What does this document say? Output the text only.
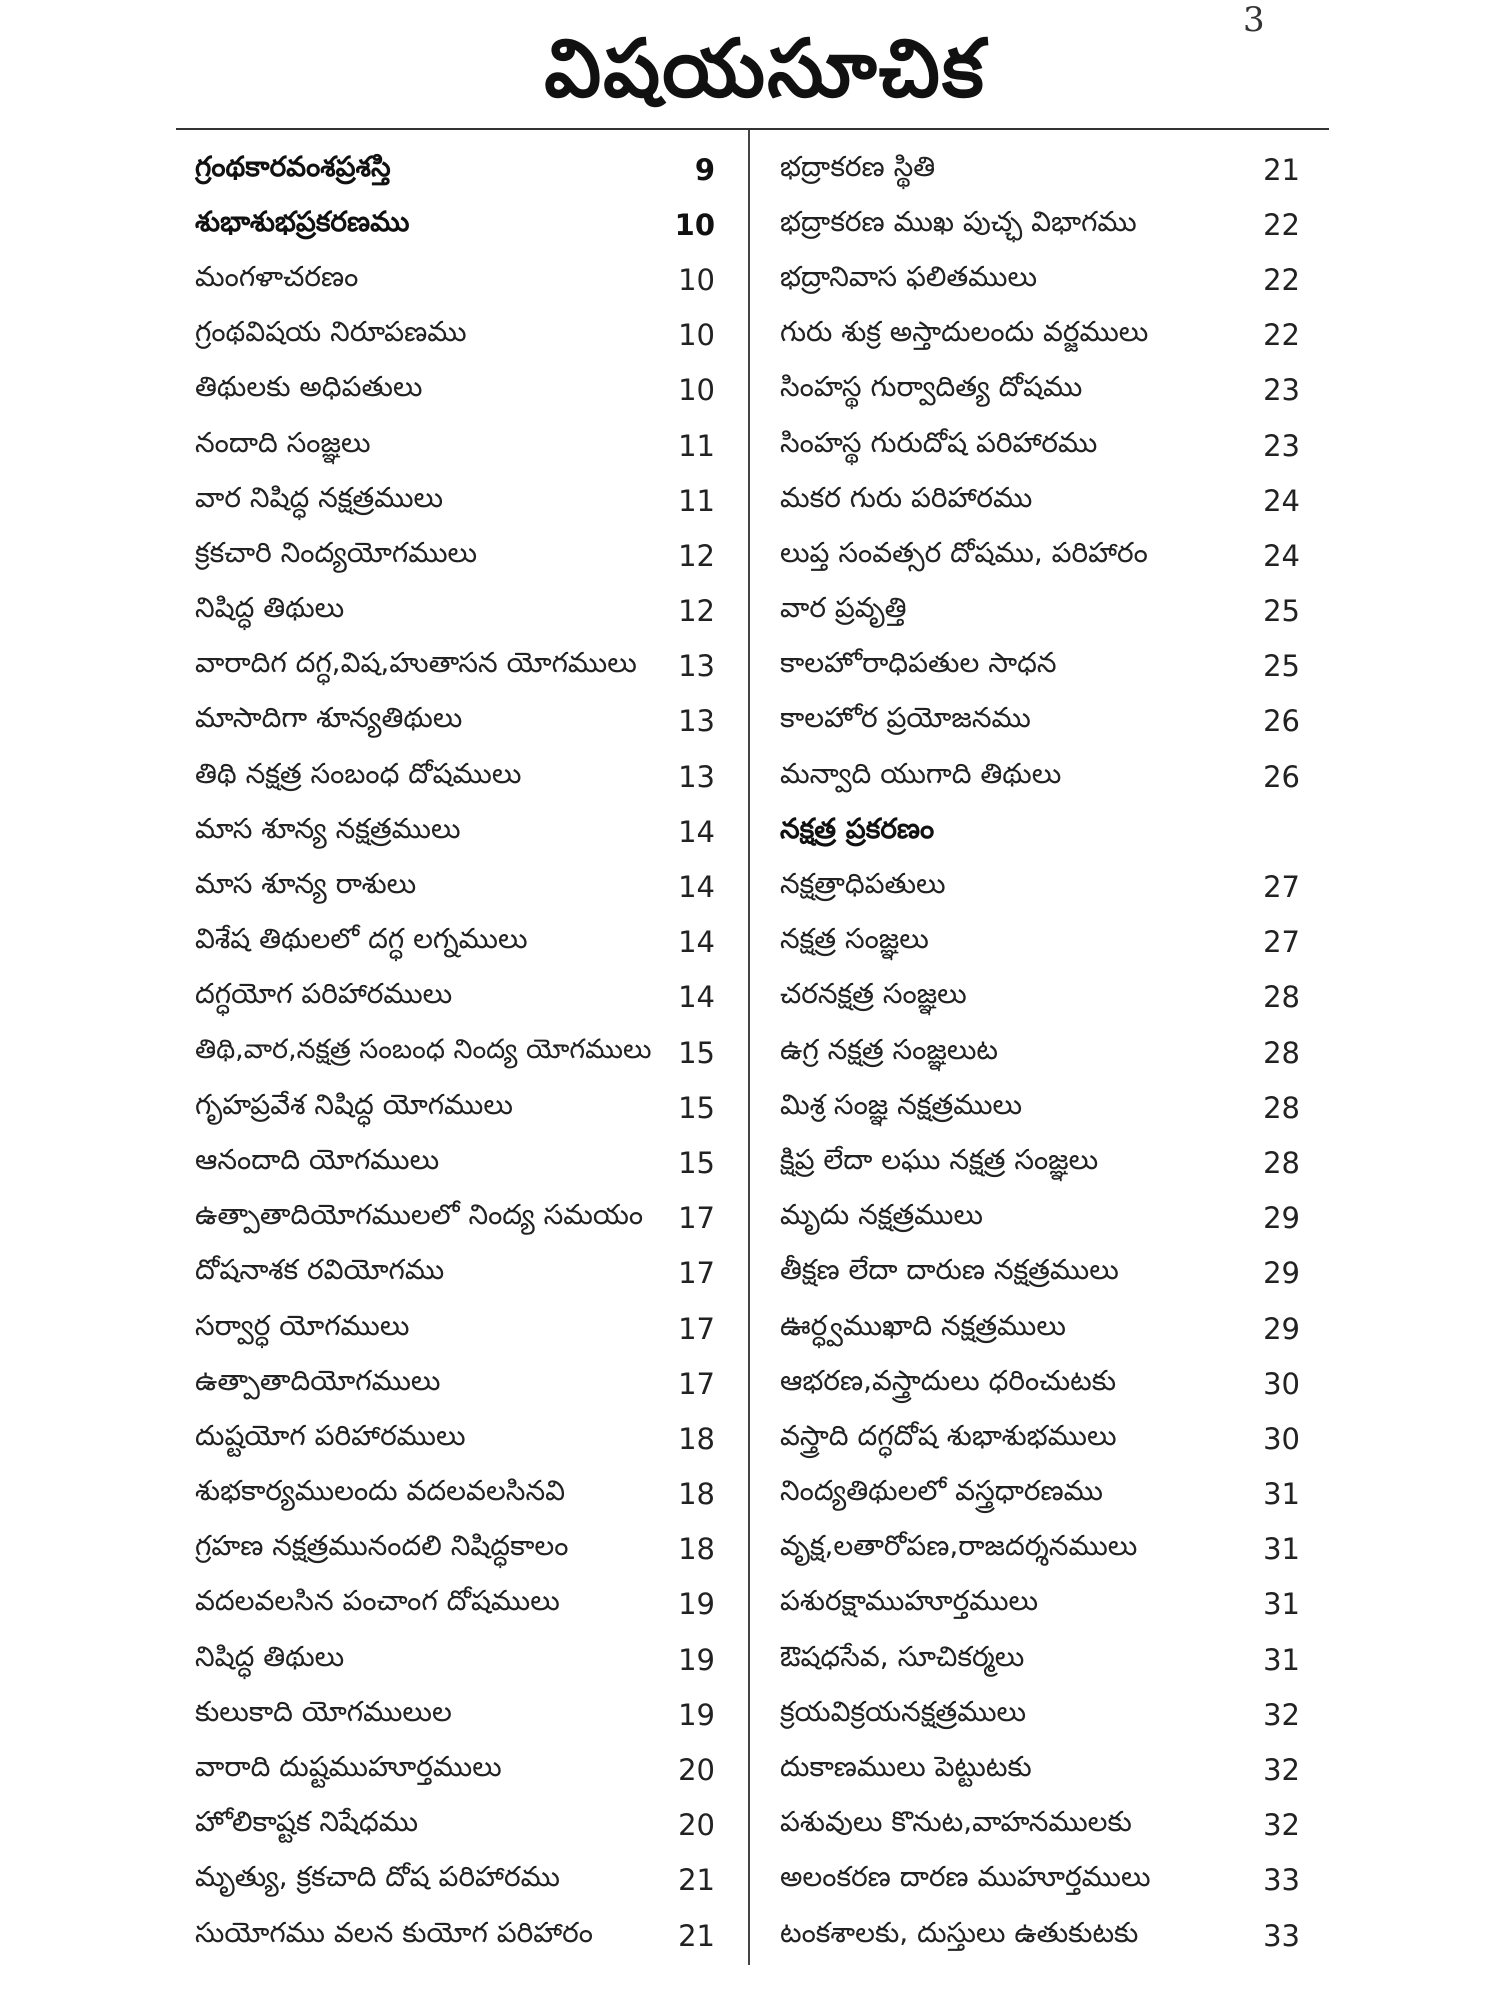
3
విషయసూచిక
గ్రంథకారవంశప్రశస్తి	9
శుభాశుభప్రకరణము	10
మంగళాచరణం	10
గ్రంథవిషయ నిరూపణము	10
తిథులకు అధిపతులు	10
నందాది సంజ్ఞలు	11
వార నిషిద్ధ నక్షత్రములు	11
క్రకచారి నింద్యయోగములు	12
నిషిద్ధ తిథులు	12
వారాదిగ దగ్ధ,విష,హుతాసన యోగములు 13
మాసాదిగా శూన్యతిథులు	13
తిథి నక్షత్ర సంబంధ దోషములు	13
మాస శూన్య నక్షత్రములు	14
మాస శూన్య రాశులు	14
విశేష తిథులలో దగ్ధ లగ్నములు	14
దగ్ధయోగ పరిహారములు	14
తిథి,వార,నక్షత్ర సంబంధ నింద్య యోగములు 15
గృహప్రవేశ నిషిద్ధ యోగములు	15
ఆనందాది యోగములు	15
ఉత్పాతాదియోగములలో నింద్య సమయం 17
దోషనాశక రవియోగము	17
సర్వార్ధ యోగములు	17
ఉత్పాతాదియోగములు	17
దుష్టయోగ పరిహారములు	18
శుభకార్యములందు వదలవలసినవి	18
గ్రహణ నక్షత్రమునందలి నిషిద్ధకాలం	18
వదలవలసిన పంచాంగ దోషములు	19
నిషిద్ధ తిథులు	19
కులుకాది యోగములుల	19
వారాది దుష్టముహూర్తములు	20
హోలికాష్టక నిషేధము	20
మృత్యు, క్రకచాది దోష పరిహారము	21
సుయోగము వలన కుయోగ పరిహారం	21
భద్రాకరణ స్థితి	21
భద్రాకరణ ముఖ పుచ్ఛ విభాగము	22
భద్రానివాస ఫలితములు	22
గురు శుక్ర అస్తాదులందు వర్జములు	22
సింహస్థ గుర్వాదిత్య దోషము	23
సింహస్థ గురుదోష పరిహారము	23
మకర గురు పరిహారము	24
లుప్త సంవత్సర దోషము, పరిహారం	24
వార ప్రవృత్తి	25
కాలహోరాధిపతుల సాధన	25
కాలహోర ప్రయోజనము	26
మన్వాది యుగాది తిథులు	26
నక్షత్ర ప్రకరణం
నక్షత్రాధిపతులు	27
నక్షత్ర సంజ్ఞలు	27
చరనక్షత్ర సంజ్ఞలు	28
ఉగ్ర నక్షత్ర సంజ్ఞలుట	28
మిశ్ర సంజ్ఞ నక్షత్రములు	28
క్షిప్ర లేదా లఘు నక్షత్ర సంజ్ఞలు	28
మృదు నక్షత్రములు	29
తీక్షణ లేదా దారుణ నక్షత్రములు	29
ఊర్ధ్వముఖాది నక్షత్రములు	29
ఆభరణ,వస్త్రాదులు ధరించుటకు	30
వస్త్రాది దగ్ధదోష శుభాశుభములు	30
నింద్యతిథులలో వస్త్రధారణము	31
వృక్ష,లతారోపణ,రాజదర్శనములు	31
పశురక్షాముహూర్తములు	31
ఔషధసేవ, సూచికర్మలు	31
క్రయవిక్రయనక్షత్రములు	32
దుకాణములు పెట్టుటకు	32
పశువులు కొనుట,వాహనములకు	32
అలంకరణ దారణ ముహూర్తములు	33
టంకశాలకు, దుస్తులు ఉతుకుటకు	33
